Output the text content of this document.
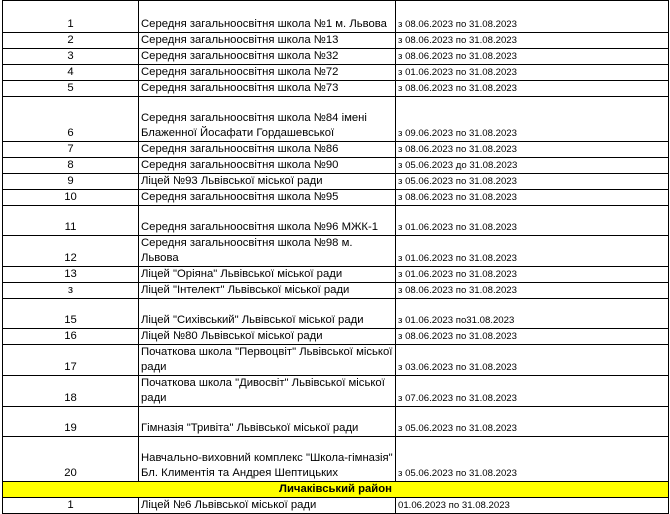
1	Середня загальноосвітня школа №1 м. Львова	з 08.06.2023 по 31.08.2023
2	Середня загальноосвітня школа №13	з 08.06.2023 по 31.08.2023
3	Середня загальноосвітня школа №32	з 08.06.2023 по 31.08.2023
4	Середня загальноосвітня школа №72	з 01.06.2023 по 31.08.2023
5	Середня загальноосвітня школа №73	з 08.06.2023 по 31.08.2023
6	Середня загальноосвітня школа №84 імені Блаженної Йосафати Гордашевської	з 09.06.2023 по 31.08.2023
7	Середня загальноосвітня школа №86	з 08.06.2023 по 31.08.2023
8	Середня загальноосвітня школа №90	з 05.06.2023 до 31.08.2023
9	Ліцей №93 Львівської міської ради	з 05.06.2023 по 31.08.2023
10	Середня загальноосвітня школа №95	з 08.06.2023 по 31.08.2023
11	Середня загальноосвітня школа №96 МЖК-1	з 01.06.2023 по 31.08.2023
12	Середня загальноосвітня школа №98 м. Львова	з 01.06.2023 по 31.08.2023
13	Ліцей "Оріяна" Львівської міської ради	з 01.06.2023 по 31.08.2023
з	Ліцей "Інтелект" Львівської міської ради	з 08.06.2023 по 31.08.2023
15	Ліцей "Сихівський" Львівської міської ради	з 01.06.2023 по31.08.2023
16	Ліцей №80 Львівської міської ради	з 08.06.2023 по 31.08.2023
17	Початкова школа "Первоцвіт" Львівської міської ради	з 03.06.2023 по 31.08.2023
18	Початкова школа "Дивосвіт" Львівської міської ради	з 07.06.2023 по 31.08.2023
19	Гімназія "Тривіта" Львівської міської ради	з 05.06.2023 по 31.08.2023
20	Навчально-виховний комплекс "Школа-гімназія" Бл. Климентія та Андрея Шептицьких	з 05.06.2023 по 31.08.2023
Личаківський район		
1	Ліцей №6 Львівської міської ради	01.06.2023 по 31.08.2023
